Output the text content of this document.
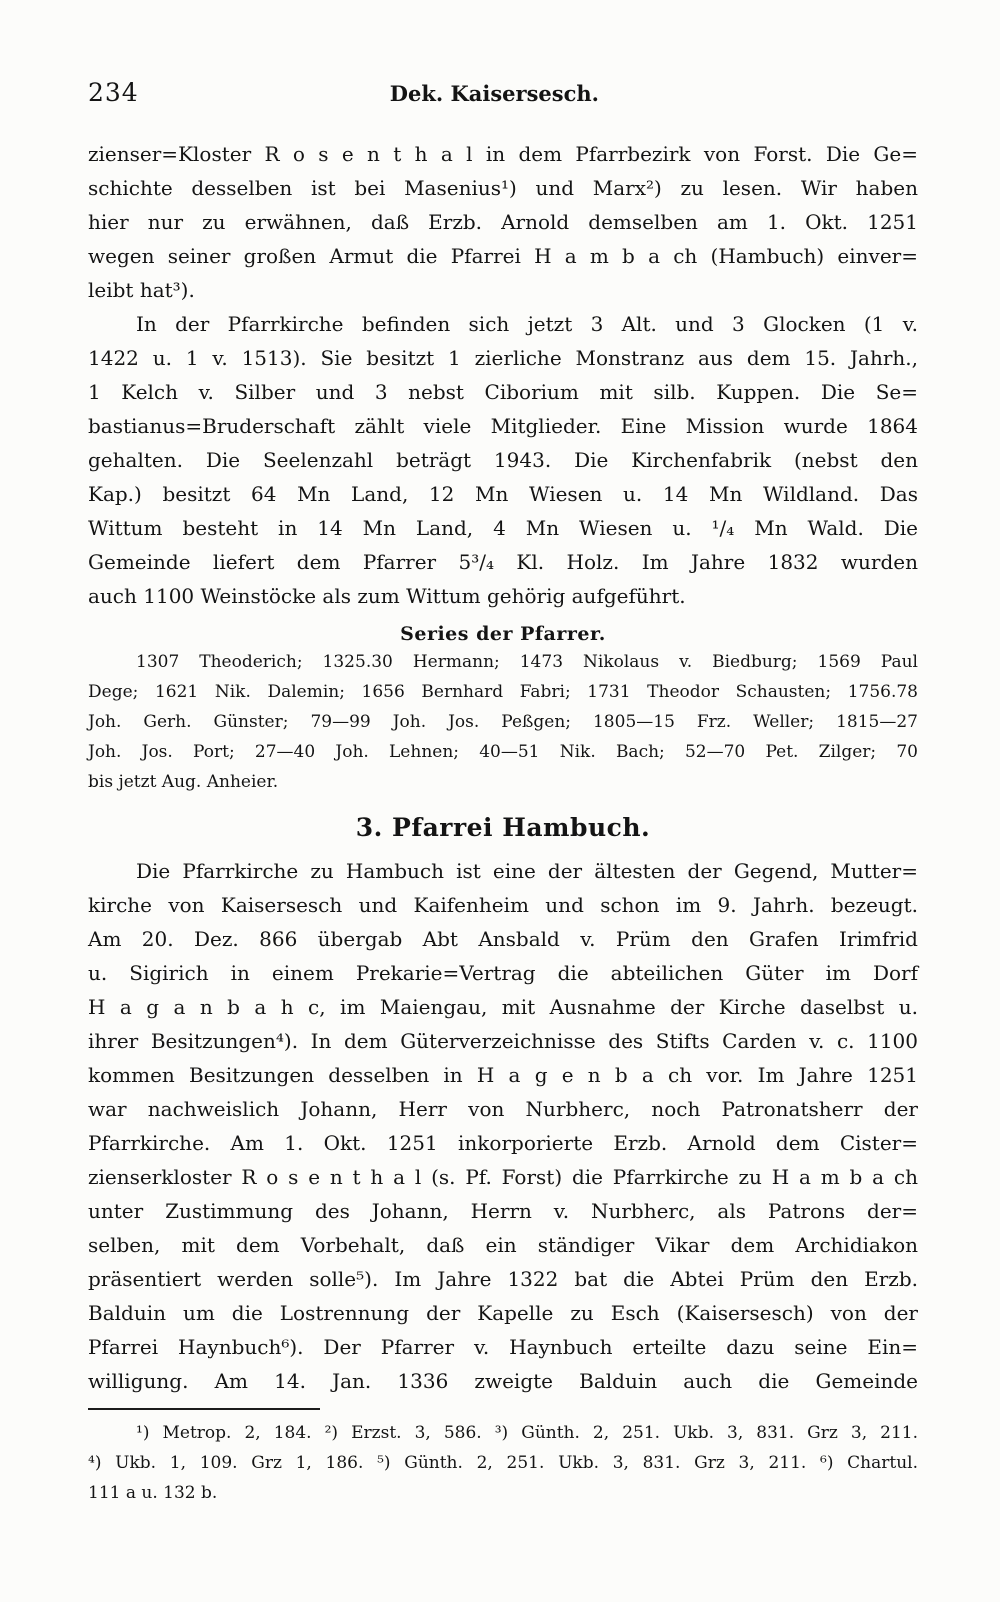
234	Dek. Kaisersesch.
zienser=Kloster R o s e n t h a l in dem Pfarrbezirk von Forst. Die Ge=
schichte desselben ist bei Masenius¹) und Marx²) zu lesen. Wir haben
hier nur zu erwähnen, daß Erzb. Arnold demselben am 1. Okt. 1251
wegen seiner großen Armut die Pfarrei H a m b a ch (Hambuch) einver=
leibt hat³).
In der Pfarrkirche befinden sich jetzt 3 Alt. und 3 Glocken (1 v.
1422 u. 1 v. 1513). Sie besitzt 1 zierliche Monstranz aus dem 15. Jahrh.,
1 Kelch v. Silber und 3 nebst Ciborium mit silb. Kuppen. Die Se=
bastianus=Bruderschaft zählt viele Mitglieder. Eine Mission wurde 1864
gehalten. Die Seelenzahl beträgt 1943. Die Kirchenfabrik (nebst den
Kap.) besitzt 64 Mn Land, 12 Mn Wiesen u. 14 Mn Wildland. Das
Wittum besteht in 14 Mn Land, 4 Mn Wiesen u. ¹/₄ Mn Wald. Die
Gemeinde liefert dem Pfarrer 5³/₄ Kl. Holz. Im Jahre 1832 wurden
auch 1100 Weinstöcke als zum Wittum gehörig aufgeführt.
Series der Pfarrer.
1307 Theoderich; 1325.30 Hermann; 1473 Nikolaus v. Biedburg; 1569 Paul
Dege; 1621 Nik. Dalemin; 1656 Bernhard Fabri; 1731 Theodor Schausten; 1756.78
Joh. Gerh. Günster; 79—99 Joh. Jos. Peßgen; 1805—15 Frz. Weller; 1815—27
Joh. Jos. Port; 27—40 Joh. Lehnen; 40—51 Nik. Bach; 52—70 Pet. Zilger; 70
bis jetzt Aug. Anheier.
3. Pfarrei Hambuch.
Die Pfarrkirche zu Hambuch ist eine der ältesten der Gegend, Mutter=
kirche von Kaisersesch und Kaifenheim und schon im 9. Jahrh. bezeugt.
Am 20. Dez. 866 übergab Abt Ansbald v. Prüm den Grafen Irimfrid
u. Sigirich in einem Prekarie=Vertrag die abteilichen Güter im Dorf
H a g a n b a h c, im Maiengau, mit Ausnahme der Kirche daselbst u.
ihrer Besitzungen⁴). In dem Güterverzeichnisse des Stifts Carden v. c. 1100
kommen Besitzungen desselben in H a g e n b a ch vor. Im Jahre 1251
war nachweislich Johann, Herr von Nurbherc, noch Patronatsherr der
Pfarrkirche. Am 1. Okt. 1251 inkorporierte Erzb. Arnold dem Cister=
zienserkloster R o s e n t h a l (s. Pf. Forst) die Pfarrkirche zu H a m b a ch
unter Zustimmung des Johann, Herrn v. Nurbherc, als Patrons der=
selben, mit dem Vorbehalt, daß ein ständiger Vikar dem Archidiakon
präsentiert werden solle⁵). Im Jahre 1322 bat die Abtei Prüm den Erzb.
Balduin um die Lostrennung der Kapelle zu Esch (Kaisersesch) von der
Pfarrei Haynbuch⁶). Der Pfarrer v. Haynbuch erteilte dazu seine Ein=
willigung. Am 14. Jan. 1336 zweigte Balduin auch die Gemeinde
¹) Metrop. 2, 184. ²) Erzst. 3, 586. ³) Günth. 2, 251. Ukb. 3, 831. Grz 3, 211.
⁴) Ukb. 1, 109. Grz 1, 186. ⁵) Günth. 2, 251. Ukb. 3, 831. Grz 3, 211. ⁶) Chartul.
111 a u. 132 b.
